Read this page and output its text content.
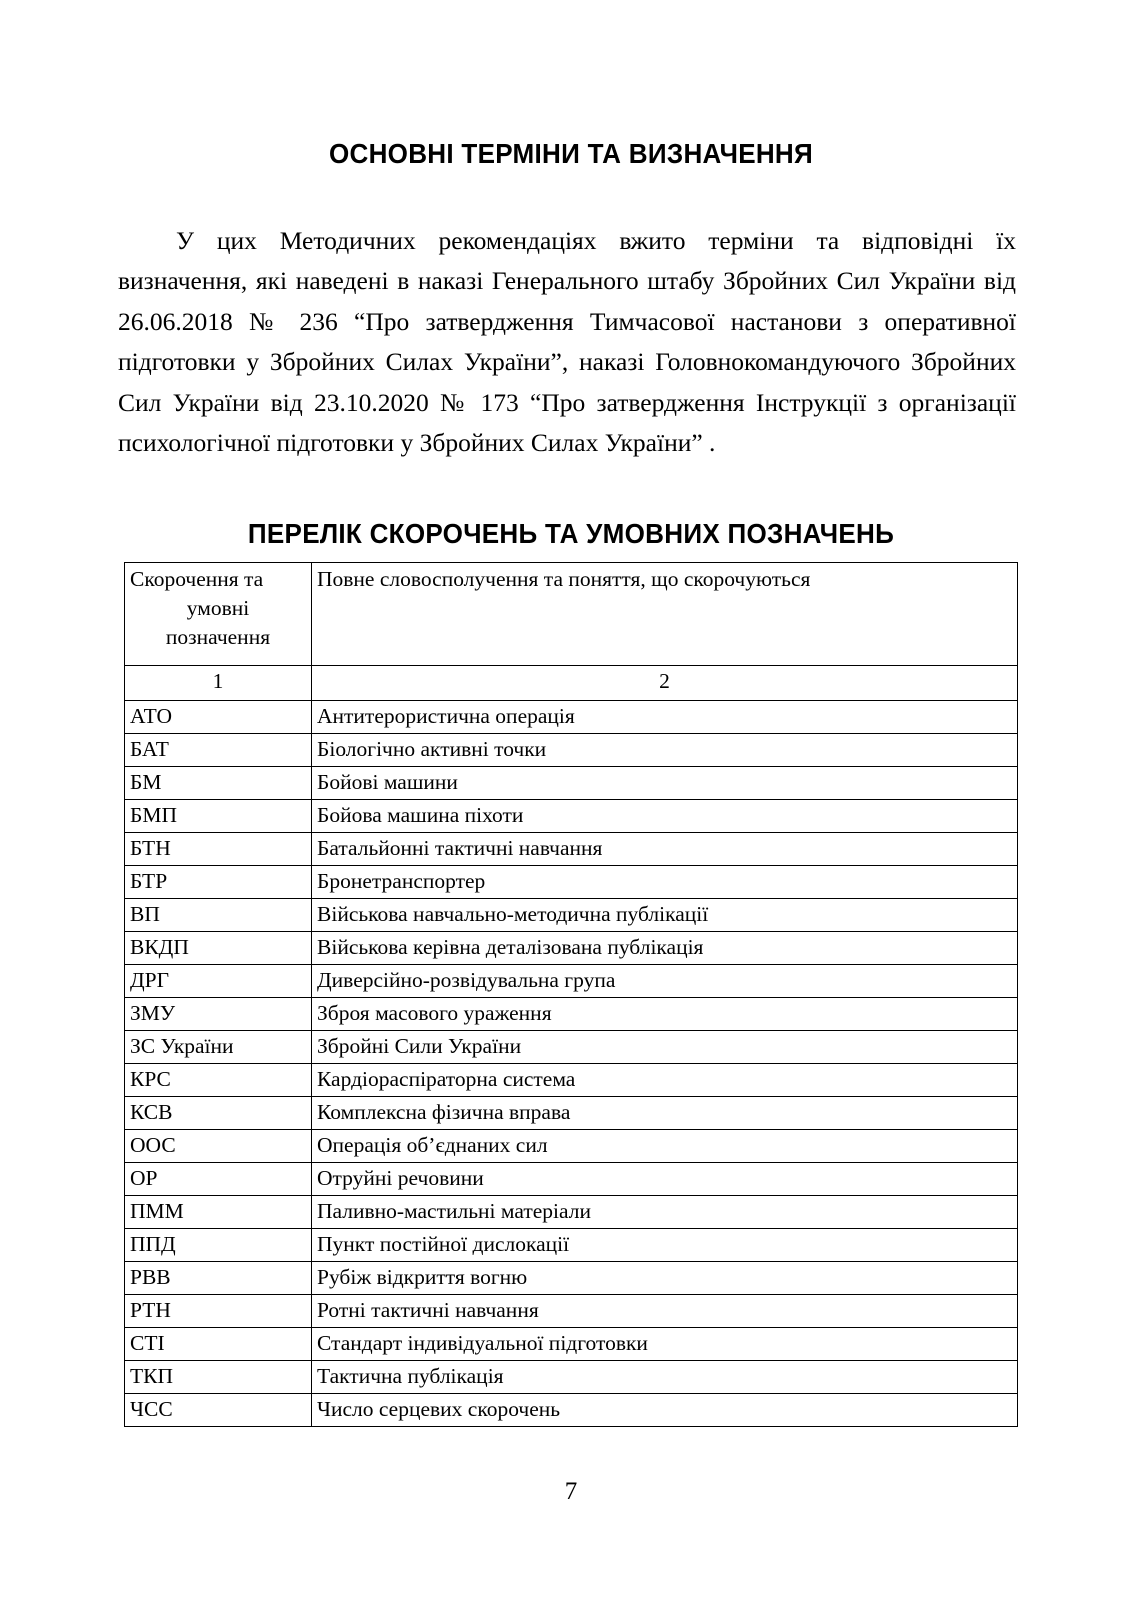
ОСНОВНІ ТЕРМІНИ ТА ВИЗНАЧЕННЯ

У цих Методичних рекомендаціях вжито терміни та відповідні їх визначення, які наведені в наказі Генерального штабу Збройних Сил України від 26.06.2018 № 236 “Про затвердження Тимчасової настанови з оперативної підготовки у Збройних Силах України”, наказі Головнокомандуючого Збройних Сил України від 23.10.2020 № 173 “Про затвердження Інструкції з організації психологічної підготовки у Збройних Силах України” .

ПЕРЕЛІК СКОРОЧЕНЬ ТА УМОВНИХ ПОЗНАЧЕНЬ
Скорочення та
умовні
позначення	Повне словосполучення та поняття, що скорочуються
1	2
АТО	Антитерористична операція
БАТ	Біологічно активні точки
БМ	Бойові машини
БМП	Бойова машина піхоти
БТН	Батальйонні тактичні навчання
БТР	Бронетранспортер
ВП	Військова навчально-методична публікації
ВКДП	Військова керівна деталізована публікація
ДРГ	Диверсійно-розвідувальна група
ЗМУ	Зброя масового ураження
ЗС України	Збройні Сили України
КРС	Кардіораспіраторна система
КСВ	Комплексна фізична вправа
ООС	Операція об’єднаних сил
ОР	Отруйні речовини
ПММ	Паливно-мастильні матеріали
ППД	Пункт постійної дислокації
РВВ	Рубіж відкриття вогню
РТН	Ротні тактичні навчання
СТІ	Стандарт індивідуальної підготовки
ТКП	Тактична публікація
ЧСС	Число серцевих скорочень
7
